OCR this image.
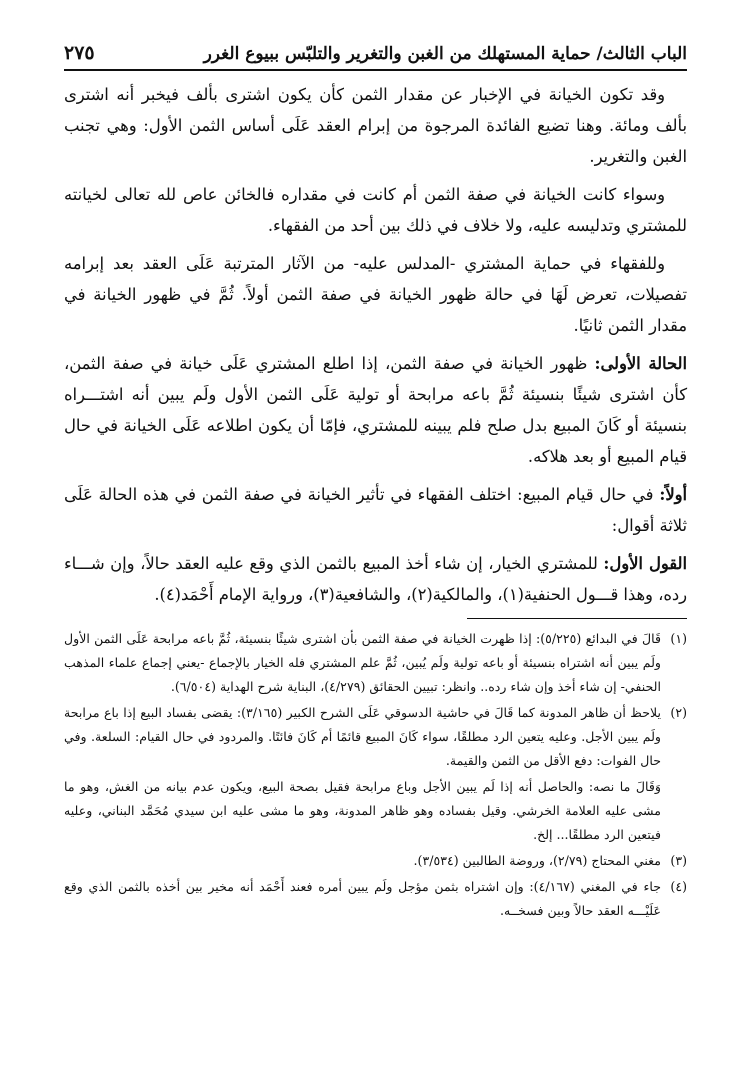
الباب الثالث/ حماية المستهلك من الغبن والتغرير والتلبّس ببيوع الغرر
٢٧٥

وقد تكون الخيانة في الإخبار عن مقدار الثمن كأن يكون اشترى بألف فيخبر أنه اشترى بألف ومائة. وهنا تضيع الفائدة المرجوة من إبرام العقد عَلَى أساس الثمن الأول: وهي تجنب الغبن والتغرير.

وسواء كانت الخيانة في صفة الثمن أم كانت في مقداره فالخائن عاص لله تعالى لخيانته للمشتري وتدليسه عليه، ولا خلاف في ذلك بين أحد من الفقهاء.

وللفقهاء في حماية المشتري -المدلس عليه- من الآثار المترتبة عَلَى العقد بعد إبرامه تفصيلات، تعرض لَهَا في حالة ظهور الخيانة في صفة الثمن أولاً. ثُمَّ في ظهور الخيانة في مقدار الثمن ثانيًا.

الحالة الأولى: ظهور الخيانة في صفة الثمن، إذا اطلع المشتري عَلَى خيانة في صفة الثمن، كأن اشترى شيئًا بنسيئة ثُمَّ باعه مرابحة أو تولية عَلَى الثمن الأول ولَم يبين أنه اشتـــراه بنسيئة أو كَانَ المبيع بدل صلح فلم يبينه للمشتري، فإمّا أن يكون اطلاعه عَلَى الخيانة في حال قيام المبيع أو بعد هلاكه.

أولاً: في حال قيام المبيع: اختلف الفقهاء في تأثير الخيانة في صفة الثمن في هذه الحالة عَلَى ثلاثة أقوال:

القول الأول: للمشتري الخيار، إن شاء أخذ المبيع بالثمن الذي وقع عليه العقد حالاً، وإن شـــاء رده، وهذا قـــول الحنفية(١)، والمالكية(٢)، والشافعية(٣)، ورواية الإمام أَحْمَد(٤).

(١)
قَالَ في البدائع (٥/٢٢٥): إذا ظهرت الخيانة في صفة الثمن بأن اشترى شيئًا بنسيئة، ثُمَّ باعه مرابحة عَلَى الثمن الأول ولَم يبين أنه اشتراه بنسيئة أو باعه تولية ولَم يُبين، ثُمَّ علم المشتري فله الخيار بالإجماع -يعني إجماع علماء المذهب الحنفي- إن شاء أخذ وإن شاء رده.. وانظر: تبيين الحقائق (٤/٢٧٩)، البناية شرح الهداية (٦/٥٠٤).
(٢)
يلاحظ أن ظاهر المدونة كما قَالَ في حاشية الدسوقي عَلَى الشرح الكبير (٣/١٦٥): يقضى بفساد البيع إذا باع مرابحة ولَم يبين الأجل. وعليه يتعين الرد مطلقًا، سواء كَانَ المبيع قائمًا أم كَانَ فائتًا. والمردود في حال القيام: السلعة. وفي حال الفوات: دفع الأقل من الثمن والقيمة.
وَقَالَ ما نصه: والحاصل أنه إذا لَم يبين الأجل وباع مرابحة فقيل بصحة البيع، ويكون عدم بيانه من الغش، وهو ما مشى عليه العلامة الخرشي. وقيل بفساده وهو ظاهر المدونة، وهو ما مشى عليه ابن سيدي مُحَمَّد البناني، وعليه فيتعين الرد مطلقًا... إلخ.
(٣)
مغني المحتاج (٢/٧٩)، وروضة الطالبين (٣/٥٣٤).
(٤)
جاء في المغني (٤/١٦٧): وإن اشتراه بثمن مؤجل ولَم يبين أمره فعند أَحْمَد أنه مخير بين أخذه بالثمن الذي وقع عَلَيْـــه العقد حالاً وبين فسخــه.
